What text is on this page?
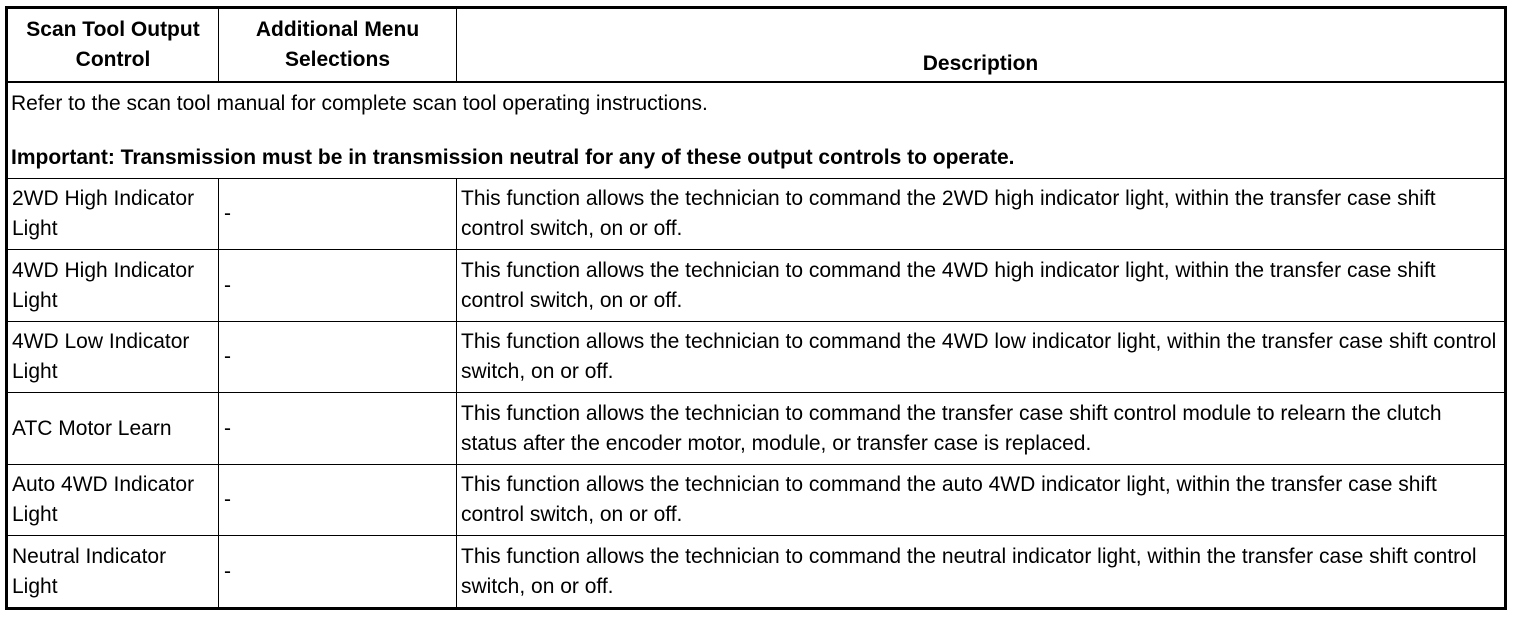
Scan Tool Output Control	Additional Menu Selections	Description

Refer to the scan tool manual for complete scan tool operating instructions.

Important: Transmission must be in transmission neutral for any of these output controls to operate.		

2WD High Indicator Light	-	This function allows the technician to command the 2WD high indicator light, within the transfer case shift control switch, on or off.
4WD High Indicator Light	-	This function allows the technician to command the 4WD high indicator light, within the transfer case shift control switch, on or off.
4WD Low Indicator Light	-	This function allows the technician to command the 4WD low indicator light, within the transfer case shift control switch, on or off.
ATC Motor Learn	-	This function allows the technician to command the transfer case shift control module to relearn the clutch status after the encoder motor, module, or transfer case is replaced.
Auto 4WD Indicator Light	-	This function allows the technician to command the auto 4WD indicator light, within the transfer case shift control switch, on or off.
Neutral Indicator Light	-	This function allows the technician to command the neutral indicator light, within the transfer case shift control switch, on or off.
